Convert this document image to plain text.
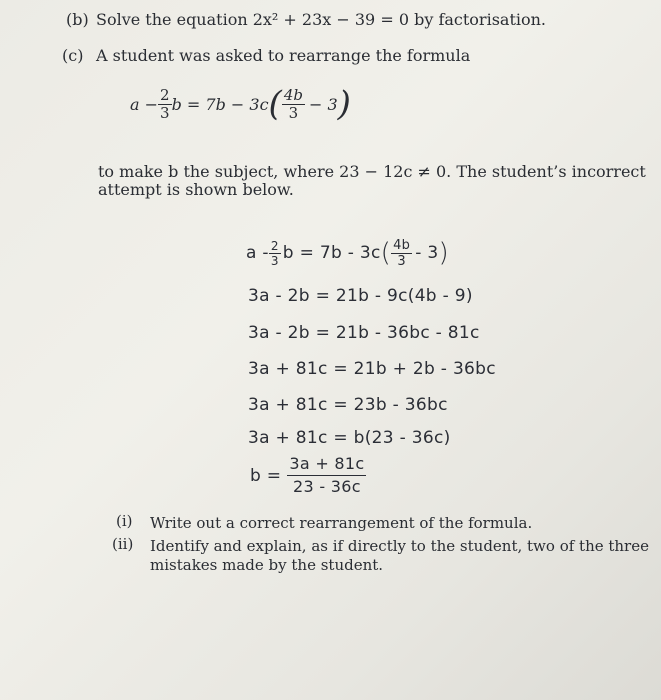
(b) Solve the equation 2x² + 23x − 39 = 0 by factorisation.
(c) A student was asked to rearrange the formula
$a - \frac{2}{3}$ b = 7b − 3c ( $\frac{4b}{3} - 3$ )
to make b the subject, where 23 − 12c ≠ 0. The student’s incorrect
attempt is shown below.
a - $\frac{2}{3}$ b = 7b - 3c ( $\frac{4b}{3} - 3$ )
3a - 2b = 21b - 9c(4b - 9)
3a - 2b = 21b - 36bc - 81c
3a + 81c = 21b + 2b - 36bc
3a + 81c = 23b - 36bc
3a + 81c = b(23 - 36c)
$b = \frac{3a + 81c}{23 - 36c}$
(i) Write out a correct rearrangement of the formula.
(ii) Identify and explain, as if directly to the student, two of the three
mistakes made by the student.
